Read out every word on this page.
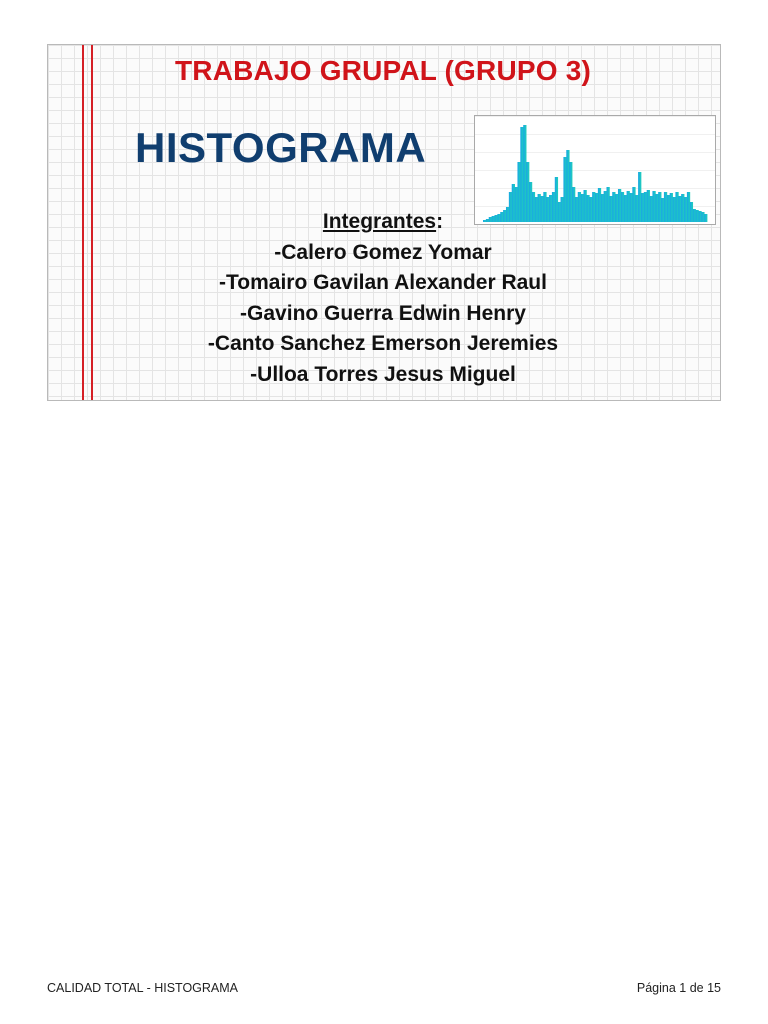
TRABAJO GRUPAL (GRUPO 3)
HISTOGRAMA
Integrantes:
-Calero Gomez Yomar
-Tomairo Gavilan Alexander Raul
-Gavino Guerra Edwin Henry
-Canto Sanchez Emerson Jeremies
-Ulloa Torres Jesus Miguel
CALIDAD TOTAL - HISTOGRAMA	Página 1 de 15
